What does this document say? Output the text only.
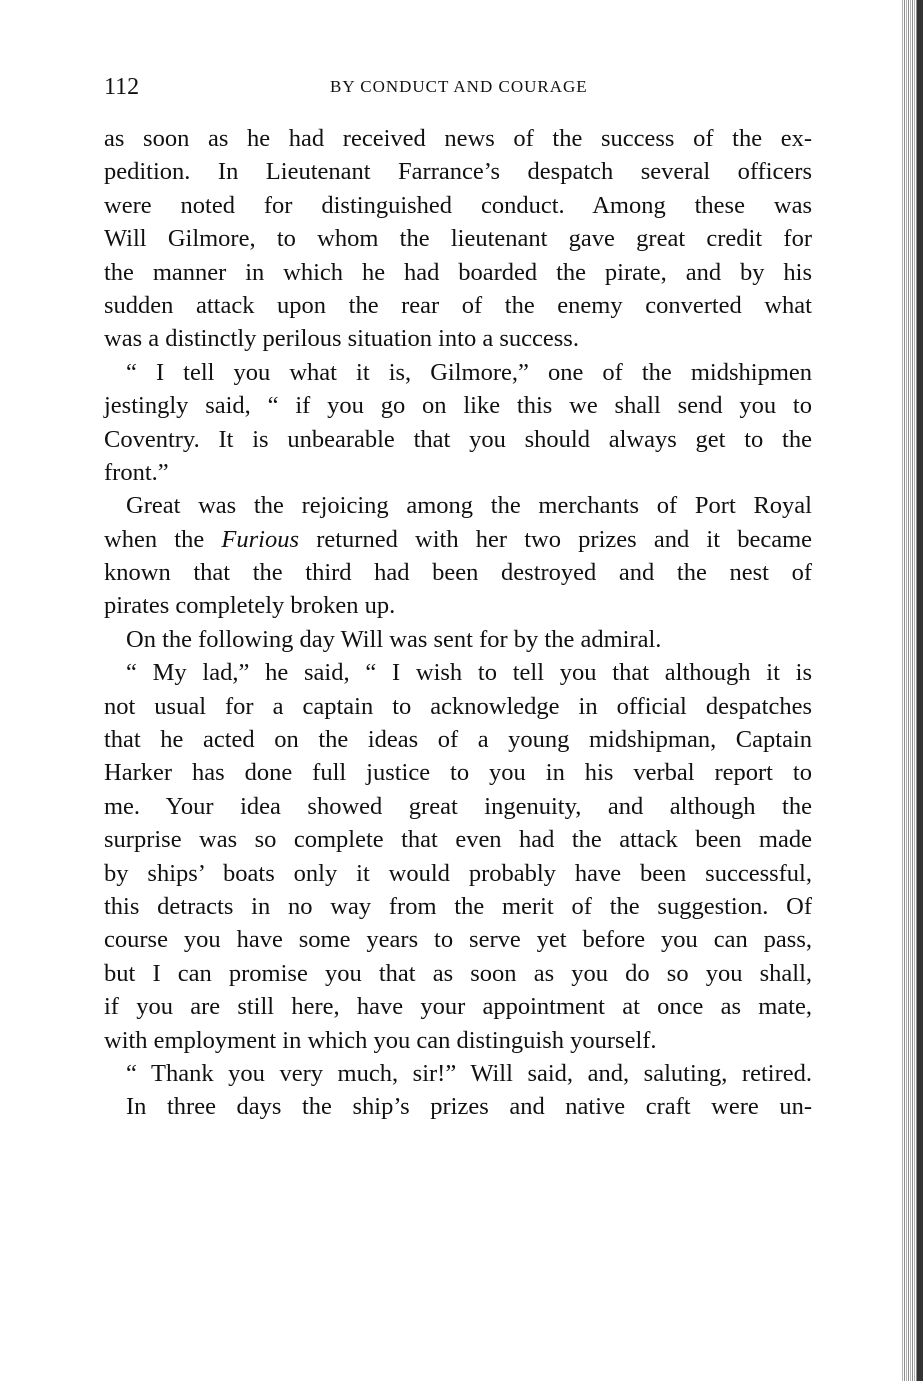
112	BY CONDUCT AND COURAGE
as soon as he had received news of the success of the ex-
pedition. In Lieutenant Farrance’s despatch several officers
were noted for distinguished conduct. Among these was
Will Gilmore, to whom the lieutenant gave great credit for
the manner in which he had boarded the pirate, and by his
sudden attack upon the rear of the enemy converted what
was a distinctly perilous situation into a success.
“ I tell you what it is, Gilmore,” one of the midshipmen
jestingly said, “ if you go on like this we shall send you to
Coventry. It is unbearable that you should always get to the
front.”
Great was the rejoicing among the merchants of Port Royal
when the Furious returned with her two prizes and it became
known that the third had been destroyed and the nest of
pirates completely broken up.
On the following day Will was sent for by the admiral.
“ My lad,” he said, “ I wish to tell you that although it is
not usual for a captain to acknowledge in official despatches
that he acted on the ideas of a young midshipman, Captain
Harker has done full justice to you in his verbal report to
me. Your idea showed great ingenuity, and although the
surprise was so complete that even had the attack been made
by ships’ boats only it would probably have been successful,
this detracts in no way from the merit of the suggestion. Of
course you have some years to serve yet before you can pass,
but I can promise you that as soon as you do so you shall,
if you are still here, have your appointment at once as mate,
with employment in which you can distinguish yourself.
“ Thank you very much, sir!” Will said, and, saluting, retired.
In three days the ship’s prizes and native craft were un-
